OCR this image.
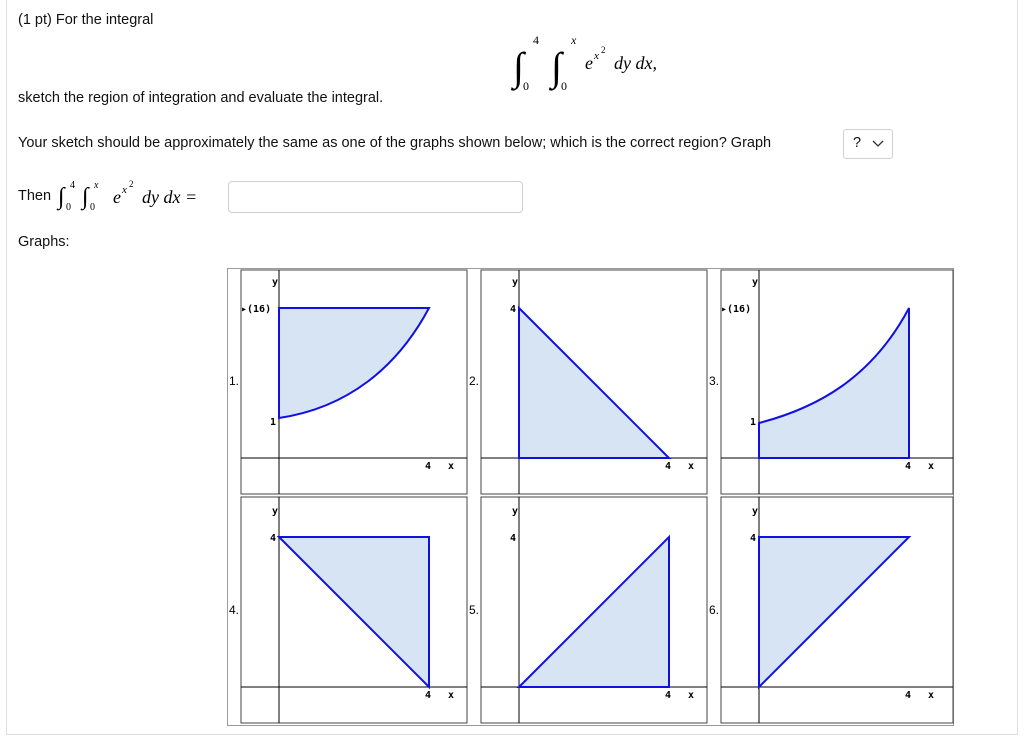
(1 pt) For the integral
∫
4
0 ∫
x
0
e x 2
dy dx,
sketch the region of integration and evaluate the integral.
Your sketch should be approximately the same as one of the graphs shown below; which is the correct region? Graph	?
Then ∫ 4
0 ∫ x
0
e x 2
dy dx =
Graphs:
1.
y
▸(16)
1
4 x
2.
y
4
4 x
3.
y
▸(16)
1
4 x
4.
y
4
4 x
5.
y
4
4 x
6.
y
4
4 x
